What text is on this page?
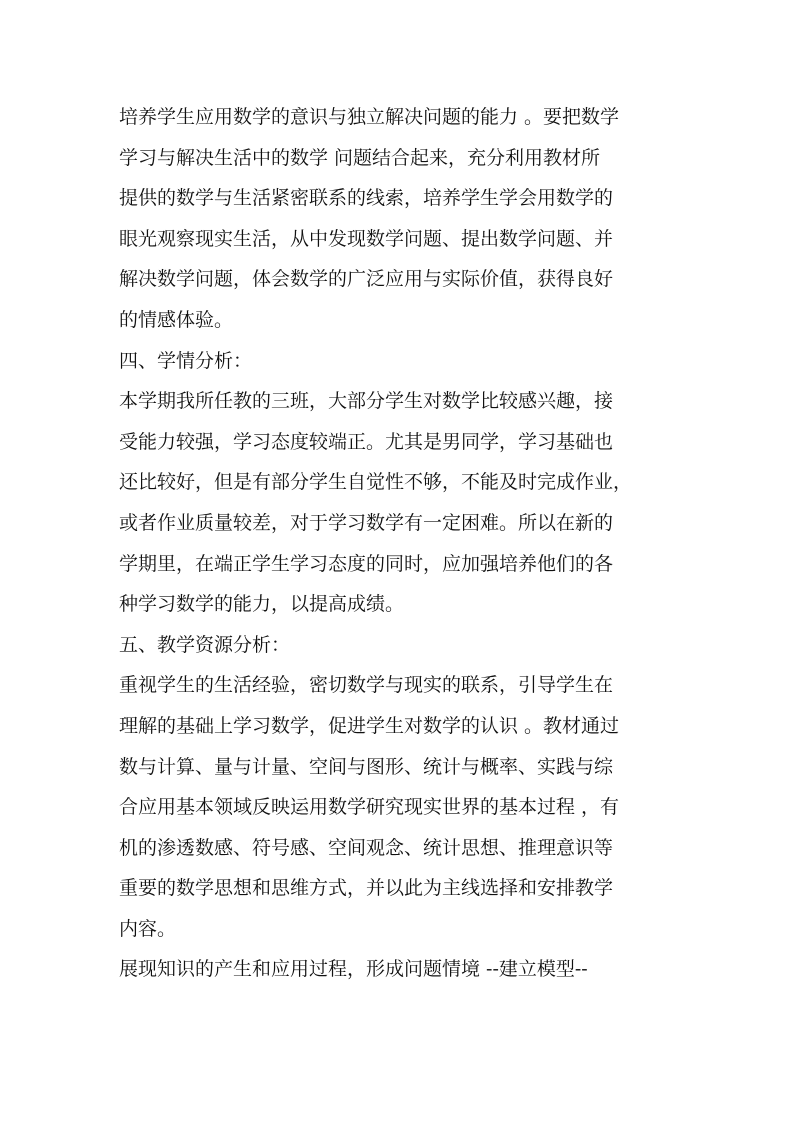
培养学生应用数学的意识与独立解决问题的能力 。要把数学
学习与解决生活中的数学 问题结合起来，充分利用教材所
提供的数学与生活紧密联系的线索，培养学生学会用数学的
眼光观察现实生活，从中发现数学问题、提出数学问题、并
解决数学问题，体会数学的广泛应用与实际价值，获得良好
的情感体验。
四、学情分析：
本学期我所任教的三班，大部分学生对数学比较感兴趣，接
受能力较强，学习态度较端正。尤其是男同学，学习基础也
还比较好，但是有部分学生自觉性不够，不能及时完成作业，
或者作业质量较差，对于学习数学有一定困难。所以在新的
学期里，在端正学生学习态度的同时，应加强培养他们的各
种学习数学的能力，以提高成绩。
五、教学资源分析：
重视学生的生活经验，密切数学与现实的联系，引导学生在
理解的基础上学习数学，促进学生对数学的认识 。教材通过
数与计算、量与计量、空间与图形、统计与概率、实践与综
合应用基本领域反映运用数学研究现实世界的基本过程 ，有
机的渗透数感、符号感、空间观念、统计思想、推理意识等
重要的数学思想和思维方式，并以此为主线选择和安排教学
内容。
展现知识的产生和应用过程，形成问题情境 --建立模型--
